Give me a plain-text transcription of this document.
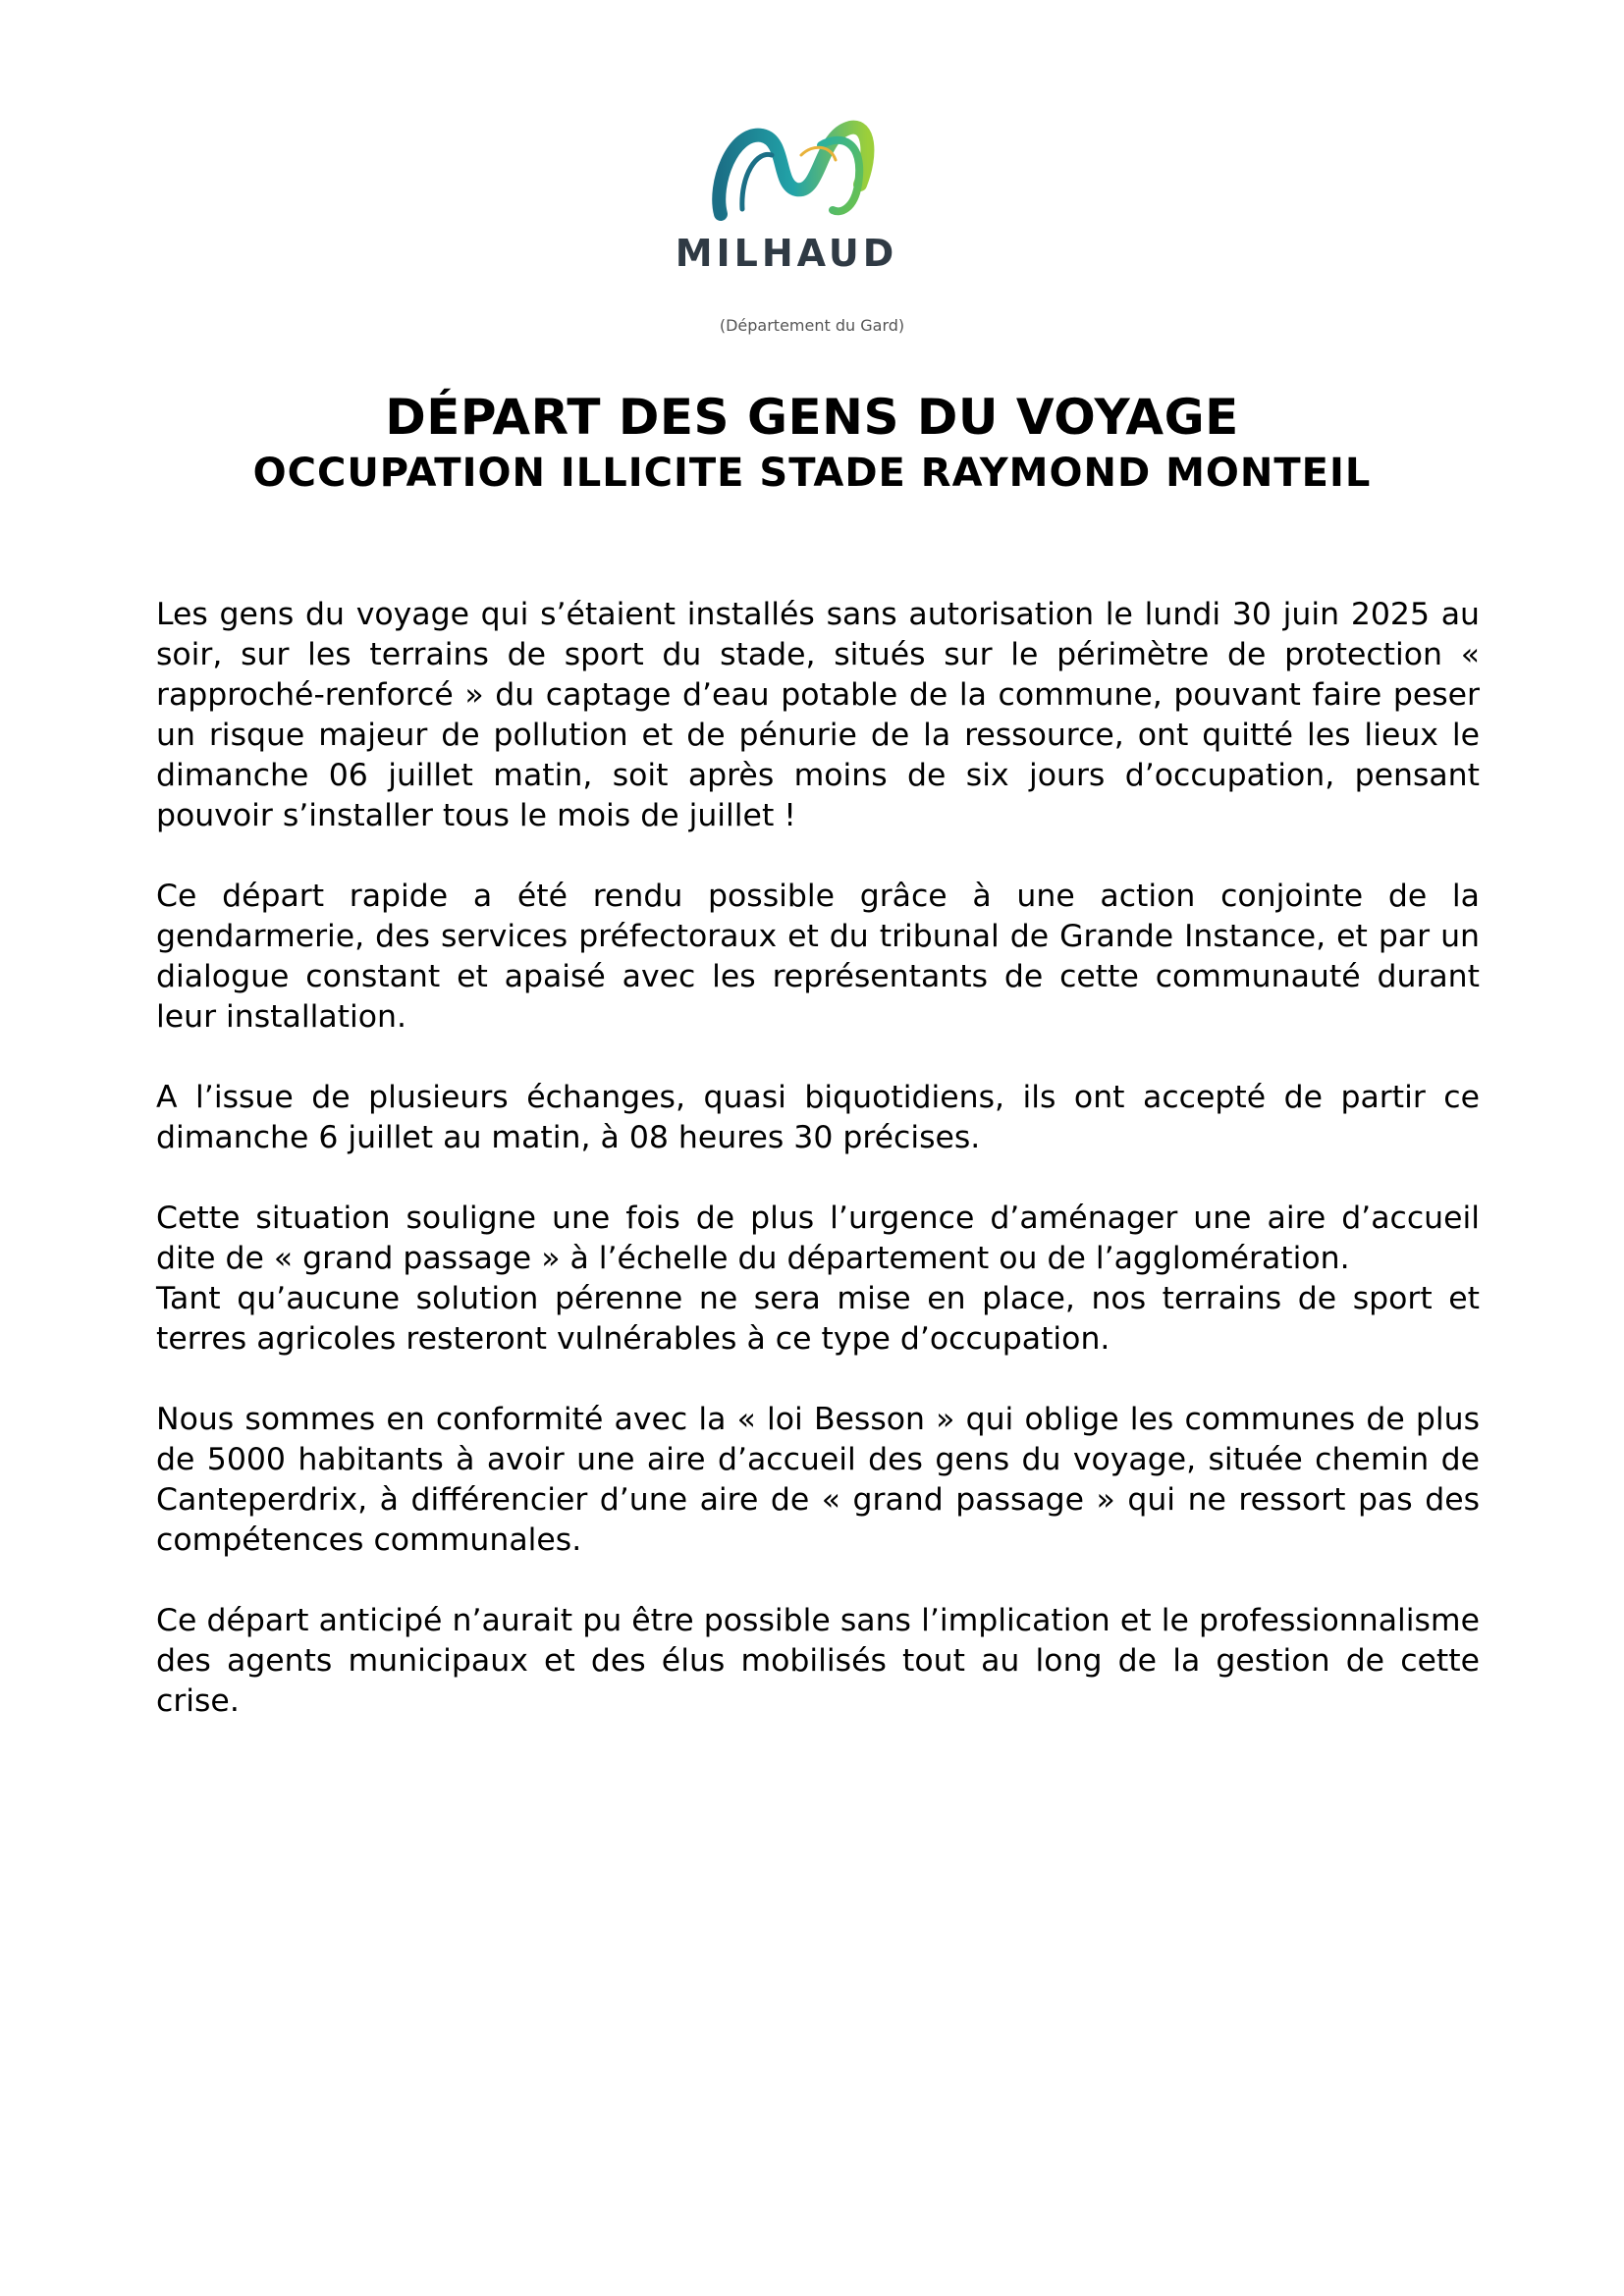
MILHAUD
(Département du Gard)
DÉPART DES GENS DU VOYAGE
OCCUPATION ILLICITE STADE RAYMOND MONTEIL

Les gens du voyage qui s’étaient installés sans autorisation le lundi 30 juin 2025 au soir, sur les terrains de sport du stade, situés sur le périmètre de protection « rapproché-renforcé » du captage d’eau potable de la commune, pouvant faire peser un risque majeur de pollution et de pénurie de la ressource, ont quitté les lieux le dimanche 06 juillet matin, soit après moins de six jours d’occupation, pensant pouvoir s’installer tous le mois de juillet !

Ce départ rapide a été rendu possible grâce à une action conjointe de la gendarmerie, des services préfectoraux et du tribunal de Grande Instance, et par un dialogue constant et apaisé avec les représentants de cette communauté durant leur installation.

A l’issue de plusieurs échanges, quasi biquotidiens, ils ont accepté de partir ce dimanche 6 juillet au matin, à 08 heures 30 précises.

Cette situation souligne une fois de plus l’urgence d’aménager une aire d’accueil dite de « grand passage » à l’échelle du département ou de l’agglomération.

Tant qu’aucune solution pérenne ne sera mise en place, nos terrains de sport et terres agricoles resteront vulnérables à ce type d’occupation.

Nous sommes en conformité avec la « loi Besson » qui oblige les communes de plus de 5000 habitants à avoir une aire d’accueil des gens du voyage, située chemin de Canteperdrix, à différencier d’une aire de « grand passage » qui ne ressort pas des compétences communales.

Ce départ anticipé n’aurait pu être possible sans l’implication et le professionnalisme des agents municipaux et des élus mobilisés tout au long de la gestion de cette crise.
